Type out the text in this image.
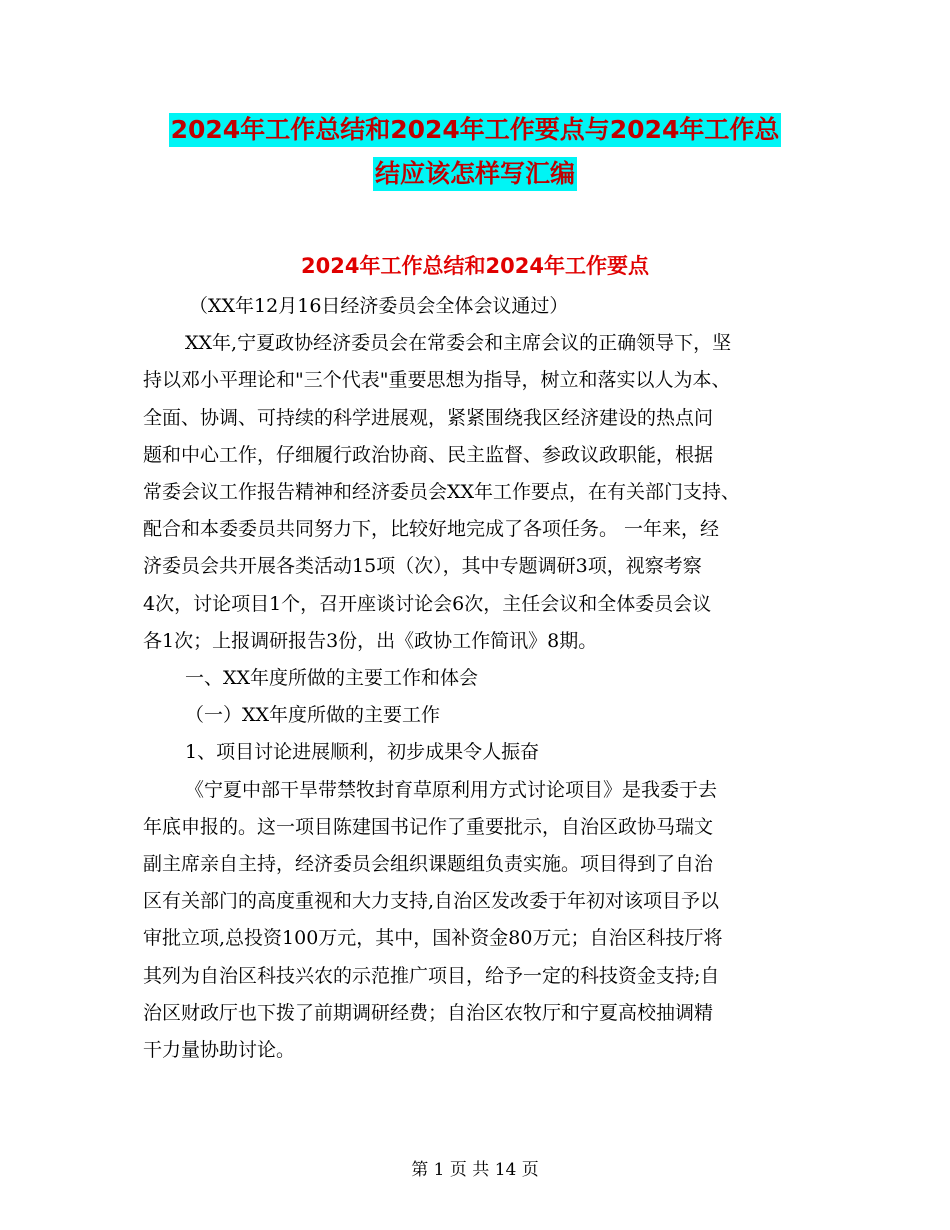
2024年工作总结和2024年工作要点与2024年工作总
结应该怎样写汇编
2024年工作总结和2024年工作要点

（XX年12月16日经济委员会全体会议通过）

XX年,宁夏政协经济委员会在常委会和主席会议的正确领导下，坚

持以邓小平理论和"三个代表"重要思想为指导，树立和落实以人为本、

全面、协调、可持续的科学进展观，紧紧围绕我区经济建设的热点问

题和中心工作，仔细履行政治协商、民主监督、参政议政职能，根据

常委会议工作报告精神和经济委员会XX年工作要点，在有关部门支持、

配合和本委委员共同努力下，比较好地完成了各项任务。 一年来，经

济委员会共开展各类活动15项（次），其中专题调研3项，视察考察

4次，讨论项目1个，召开座谈讨论会6次，主任会议和全体委员会议

各1次；上报调研报告3份，出《政协工作简讯》8期。

一、XX年度所做的主要工作和体会

（一）XX年度所做的主要工作

1、项目讨论进展顺利，初步成果令人振奋

《宁夏中部干旱带禁牧封育草原利用方式讨论项目》是我委于去

年底申报的。这一项目陈建国书记作了重要批示，自治区政协马瑞文

副主席亲自主持，经济委员会组织课题组负责实施。项目得到了自治

区有关部门的高度重视和大力支持,自治区发改委于年初对该项目予以

审批立项,总投资100万元，其中，国补资金80万元；自治区科技厅将

其列为自治区科技兴农的示范推广项目，给予一定的科技资金支持;自

治区财政厅也下拨了前期调研经费；自治区农牧厅和宁夏高校抽调精

干力量协助讨论。

第 1 页 共 14 页
